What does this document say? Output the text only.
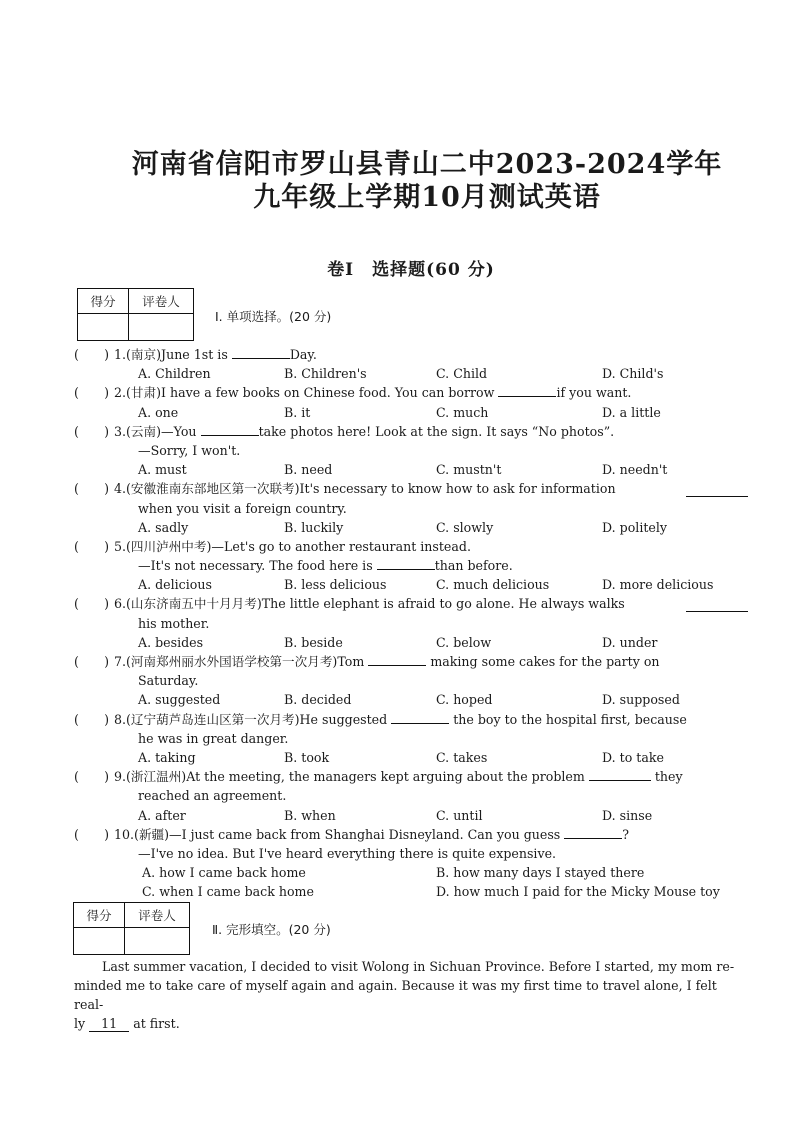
河南省信阳市罗山县青山二中2023-2024学年
九年级上学期10月测试英语
卷Ⅰ　选择题(60 分)
得分	评卷人

Ⅰ. 单项选择。(20 分)
(　　) 1.(南京)June 1st is	Day.
A. Children	B. Children's	C. Child	D. Child's
(　　) 2.(甘肃)I have a few books on Chinese food. You can borrow	if you want.
A. one	B. it	C. much	D. a little
(　　) 3.(云南)—You	take photos here! Look at the sign. It says “No photos”.
—Sorry, I won't.
A. must	B. need	C. mustn't	D. needn't
(　　) 4.(安徽淮南东部地区第一次联考)It's necessary to know how to ask for information
when you visit a foreign country.
A. sadly	B. luckily	C. slowly	D. politely
(　　) 5.(四川泸州中考)—Let's go to another restaurant instead.
—It's not necessary. The food here is	than before.
A. delicious	B. less delicious	C. much delicious	D. more delicious
(　　) 6.(山东济南五中十月月考)The little elephant is afraid to go alone. He always walks
his mother.
A. besides	B. beside	C. below	D. under
(　　) 7.(河南郑州丽水外国语学校第一次月考)Tom	making some cakes for the party on
Saturday.
A. suggested	B. decided	C. hoped	D. supposed
(　　) 8.(辽宁葫芦岛连山区第一次月考)He suggested	the boy to the hospital first, because
he was in great danger.
A. taking	B. took	C. takes	D. to take
(　　) 9.(浙江温州)At the meeting, the managers kept arguing about the problem	they
reached an agreement.
A. after	B. when	C. until	D. sinse
(　　) 10.(新疆)—I just came back from Shanghai Disneyland. Can you guess	?
—I've no idea. But I've heard everything there is quite expensive.
A. how I came back home	B. how many days I stayed there
C. when I came back home	D. how much I paid for the Micky Mouse toy
得分	评卷人

Ⅱ. 完形填空。(20 分)
Last summer vacation, I decided to visit Wolong in Sichuan Province. Before I started, my mom re-
minded me to take care of myself again and again. Because it was my first time to travel alone, I felt real-
ly 11 at first.
